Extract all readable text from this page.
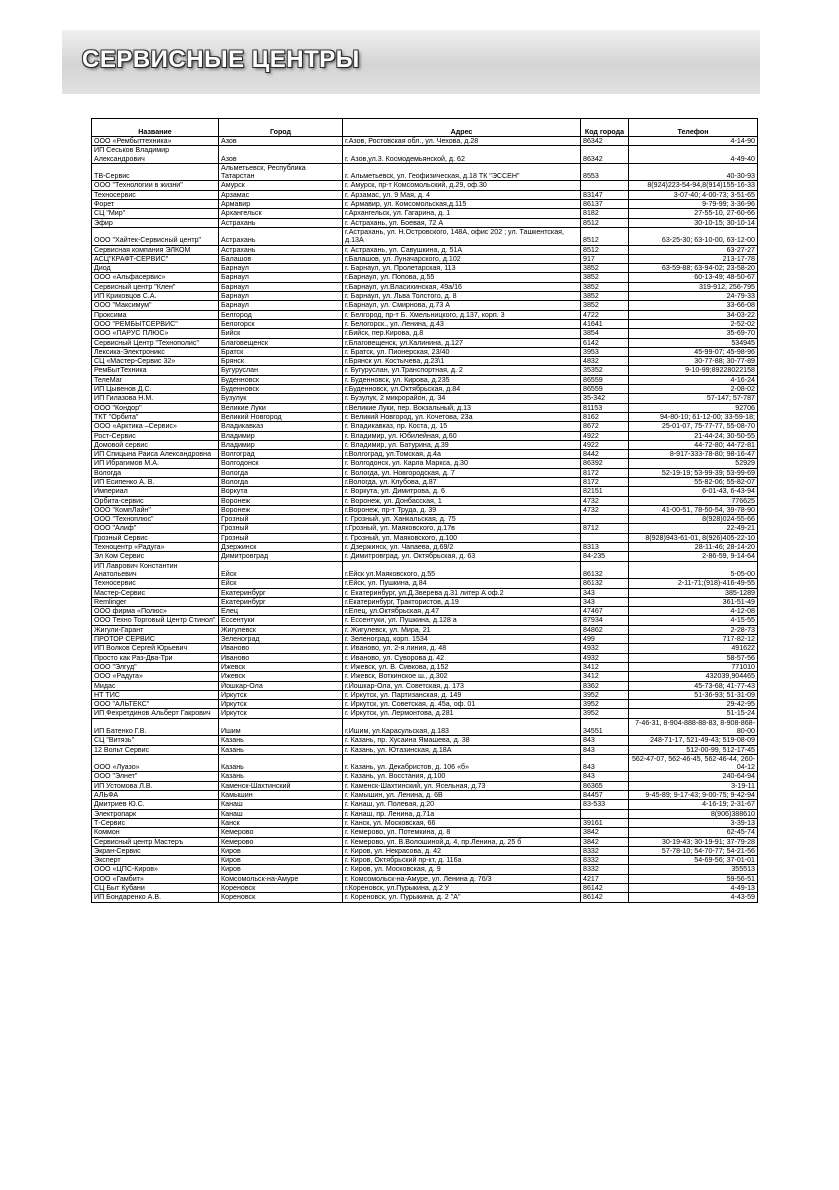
СЕРВИСНЫЕ ЦЕНТРЫ
Название	Город	Адрес	Код города	Телефон
ООО «Рембыттехника»	Азов	г.Азов, Ростовская обл., ул. Чехова, д.28	86342	4-14-90
ИП Сеськов Владимир Александрович	Азов	г. Азов,ул.3. Космодемьянской, д. 62	86342	4-49-40
ТВ-Сервис	Альметьевск, Республика Татарстан	г. Альметьевск, ул. Геофизическая, д.18 ТК "ЭССЕН"	8553	40-30-93
ООО "Технологии в жизни"	Амурск	г. Амурск, пр-т Комсомольский, д.29, оф.30		8(924)223-54-94,8(914)155-16-33
Техносервис	Арзамас	г. Арзамас, ул. 9 Мая, д. 4	83147	3-07-40; 4-00-73; 3-51-65
Форет	Армавир	г. Армавир, ул. Комсомольская,д.115	86137	9-79-99; 3-36-96
СЦ "Мир"	Архангельск	г.Архангельск, ул. Гагарина, д. 1	8182	27-55-10, 27-60-66
Эфир	Астрахань	г. Астрахань, ул. Боевая, 72 А	8512	30-10-15; 30-10-14
ООО "Хайтек-Сервисный центр"	Астрахань	г.Астрахань, ул. Н.Островского, 148А, офис 202 ; ул. Ташкентская, д.13А	8512	63-25-30; 63-10-00, 63-12-00
Сервисная компания ЭЛКОМ	Астрахань	г. Астрахань, ул. Савушкина, д. 51А	8512	63-27-27
АСЦ"КРАФТ-СЕРВИС"	Балашов	г.Балашов, ул. Луначарского, д.102	917	213-17-78
Диод	Барнаул	г. Барнаул, ул. Пролетарская, 113	3852	63-59-88; 63-94-02; 23-58-20
ООО «Альфасервис»	Барнаул	г.Барнаул, ул. Попова, д.55	3852	60-13-49; 48-50-67
Сервисный центр "Клен"	Барнаул	г.Барнаул, ул.Власихинская, 49а/16	3852	319-912, 256-795
ИП Криковцов С.А.	Барнаул	г. Барнаул, ул. Льва Толстого, д. 8	3852	24-79-33
ООО "Максимум"	Барнаул	г.Барнаул, ул. Смирнова, д.73 А	3852	33-66-08
Проксима	Белгород	г. Белгород, пр-т Б. Хмельницкого, д.137, корп. 3	4722	34-03-22
ООО "РЕМБЫТСЕРВИС"	Белогорск	г. Белогорск., ул. Ленина, д.43	41641	2-52-02
ООО «ПАРУС ПЛЮС»	Бийск	г.Бийск, пер.Кирова, д.8	3854	35-69-70
Сервисный Центр "Технополис"	Благовещенск	г.Благовещенск, ул.Калинина, д.127	6142	534945
Лексика-Электроникс	Братск	г. Братск, ул. Пионерская, 23/40	3953	45-99-07; 45-98-96
СЦ «Мастер-Сервис 32»	Брянск	г.Брянск ул. Костычева, д.23\1	4832	30-77-88; 30-77-89
РемБытТехника	Бугуруслан	г. Бугуруслан, ул.Транспортная, д. 2	35352	9-10-99;89228022158
ТелеМаг	Буденновск	г. Буденновск, ул. Кирова, д.235	86559	4-16-24
ИП Цывенов Д.С.	Буденновск	г.Буденновск, ул.Октябрьская, д.84	86559	2-08-02
ИП Гилазова Н.М.	Бузулук	г. Бузулук, 2 микрорайон, д. 34	35-342	57-147; 57-787
ООО "Кондор"	Великие Луки	г.Великие Луки, пер. Вокзальный, д.13	81153	92706
ТКТ "Орбита"	Великий Новгород	г. Великий Новгород, ул. Кочетова, 23а	8162	94-80-10; 61-12-00; 33-59-18;
ООО «Арктика –Сервис»	Владикавказ	г. Владикавказ, пр. Коста, д. 15	8672	25-01-07, 75-77-77, 55-08-70
Рост-Сервис	Владимир	г. Владимир, ул. Юбилейная, д.60	4922	21-44-24; 30-50-55
Домовой сервис	Владимир	г. Владимир, ул. Батурина, д.39	4922	44-72-80; 44-72-81
ИП Спицына Раиса Александровна	Волгоград	г.Волгоград, ул.Томская, д.4а	8442	8-917-333-78-80; 98-16-47
ИП Ибрагимов М.А.	Волгодонск	г. Волгодонск, ул. Карла Маркса, д.30	86392	52929
Вологда	Вологда	г. Вологда, ул. Новгородская, д. 7	8172	52-19-19; 53-99-39; 53-99-69
ИП Есипенко А. В.	Вологда	г.Вологда, ул. Клубова, д.87	8172	55-82-06; 55-82-07
Империал	Воркута	г. Воркута, ул. Димитрова, д. 6	82151	6-01-43, 6-43-94
Орбита-сервис	Воронеж	г. Воронеж, ул. Донбасская, 1	4732	776625
ООО "КомпЛайн"	Воронеж	г.Воронеж, пр-т Труда, д. 39	4732	41-00-51, 78-50-54, 39-78-90
ООО "Техноплюс"	Грозный	г. Грозный, ул. Ханкальская, д. 75		8(928)024-55-66
ООО "Алиф"	Грозный	г.Грозный, ул. Маяковского, д.17в	8712	22-49-21
Грозный Сервис	Грозный	г. Грозный, ул. Маяковского, д.100		8(928)943-61-01, 8(926)405-22-10
Техноцентр «Радуга»	Дзержинск	г. Дзержинск, ул. Чапаева, д.69/2	8313	28-11-46; 28-14-20
Эл Ком Сервис	Димитровград	г. Димитровград, ул. Октябрьская, д. 63	84-235	2-86-59, 9-14-64
ИП Лаврович Константин Анатольевич	Ейск	г.Ейск ул.Маяковского, д.55	86132	5-05-00
Техносервис	Ейск	г.Ейск, ул. Пушкина, д.84	86132	2-11-71;(918)-416-49-55
Мастер-Сервис	Екатеринбург	г. Екатеринбург, ул.Д.Зверева д.31 литер А оф.2	343	385-1289
Remlinger	Екатеринбург	г.Екатеринбург, Трактористов, д.19	343	361-51-49
ООО фирма «Полюс»	Елец	г.Елец, ул.Октябрьская, д.47	47467	4-12-08
ООО Техно Торговый Центр Стинол"	Ессентуки	г. Ессентуки, ул. Пушкина, д.128 а	87934	4-15-55
Жигули-Гарант	Жигулевск	г. Жигулевск, ул. Мира, 21	84862	2-28-73
ПРОТОР СЕРВИС	Зеленоград	г. Зеленоград, корп. 1534	499	717-82-12
ИП Волков Сергей Юрьевич	Иваново	г. Иваново, ул. 2-я линия, д. 48	4932	491622
Просто как Раз-Два-Три	Иваново	г. Иваново, ул. Суворова д. 42	4932	58-57-56
ООО "Элгуд"	Ижевск	г. Ижевск, ул. В. Сивкова, д.152	3412	771010
ООО «Радуга»	Ижевск	г. Ижевск, Воткинское ш., д.302	3412	432039,904465
Мидас	Йошкар-Ола	г.Йошкар-Ола, ул. Советская, д. 173	8362	45-73-68; 41-77-43
НТ ТИС	Иркутск	г. Иркутск, ул. Партизанская, д. 149	3952	51-36-93; 51-31-09
ООО "АЛЬТЕКС"	Иркутск	г. Иркутск, ул. Советская, д. 45а, оф. 01	3952	29-42-95
ИП Фехретдинов Альберт Гакрович	Иркутск	г. Иркутск, ул. Лермонтова, д.281	3952	51-15-24
ИП Батенко Г.В.	Ишим	г.Ишим, ул.Карасульская, д.183	34551	7-46-31, 8-904-888-88-83, 8-908-868-80-00
СЦ "Витязь"	Казань	г. Казань, пр. Хусаина Ямашева, д. 38	843	248-71-17, 521-49-43; 519-08-09
12 Вольт Сервис	Казань	г. Казань, ул. Ютазинская, д.18А	843	512-00-99, 512-17-45
ООО «Луазо»	Казань	г. Казань, ул. Декабристов, д. 106 «б»	843	562-47-07, 562-46-45, 562-46-44, 260-04-12
ООО "Элнет"	Казань	г. Казань, ул. Восстания, д.100	843	240-64-94
ИП Устомова Л.В.	Каменск-Шахтинский	г. Каменск-Шахтинский, ул. Ясельная, д.73	86365	3-19-11
АЛЬФА	Камышин	г. Камышин, ул. Ленина, д. 6В	84457	9-45-89; 9-17-43; 9-00-75; 9-42-94
Дмитриев Ю.С.	Канаш	г. Канаш, ул. Полевая, д.20	83-533	4-16-19; 2-31-67
Электропарк	Канаш	г. Канаш, пр. Ленина, д.71а		8(906)388610
Т-Сервис	Канск	г. Канск, ул. Московская, 66	39161	3-39-13
Коммон	Кемерово	г. Кемерово, ул. Потемкина, д. 8	3842	62-45-74
Сервисный центр Мастеръ	Кемерово	г. Кемерово, ул. В.Волошиной,д. 4, пр.Ленина, д. 25 б	3842	30-19-43; 30-19-91; 37-79-28
Экран-Сервис	Киров	г. Киров, ул. Некрасова, д. 42	8332	57-78-10; 54-70-77; 54-21-56
Эксперт	Киров	г. Киров, Октябрьский пр-кт, д. 116а	8332	54-69-56; 37-01-01
ООО «ЦПС-Киров»	Киров	г. Киров, ул. Московская, д. 9	8332	355513
ООО «Гамбит»	Комсомольск-на-Амуре	г. Комсомольск-на-Амуре, ул. Ленина д. 76/3	4217	59-56-51
СЦ Быт Кубани	Кореновск	г.Кореновск, ул.Пурыкина, д.2 У	86142	4-49-13
ИП Бондаренко А.В.	Кореновск	г. Кореновск, ул. Пурыкина, д. 2 "А"	86142	4-43-59
